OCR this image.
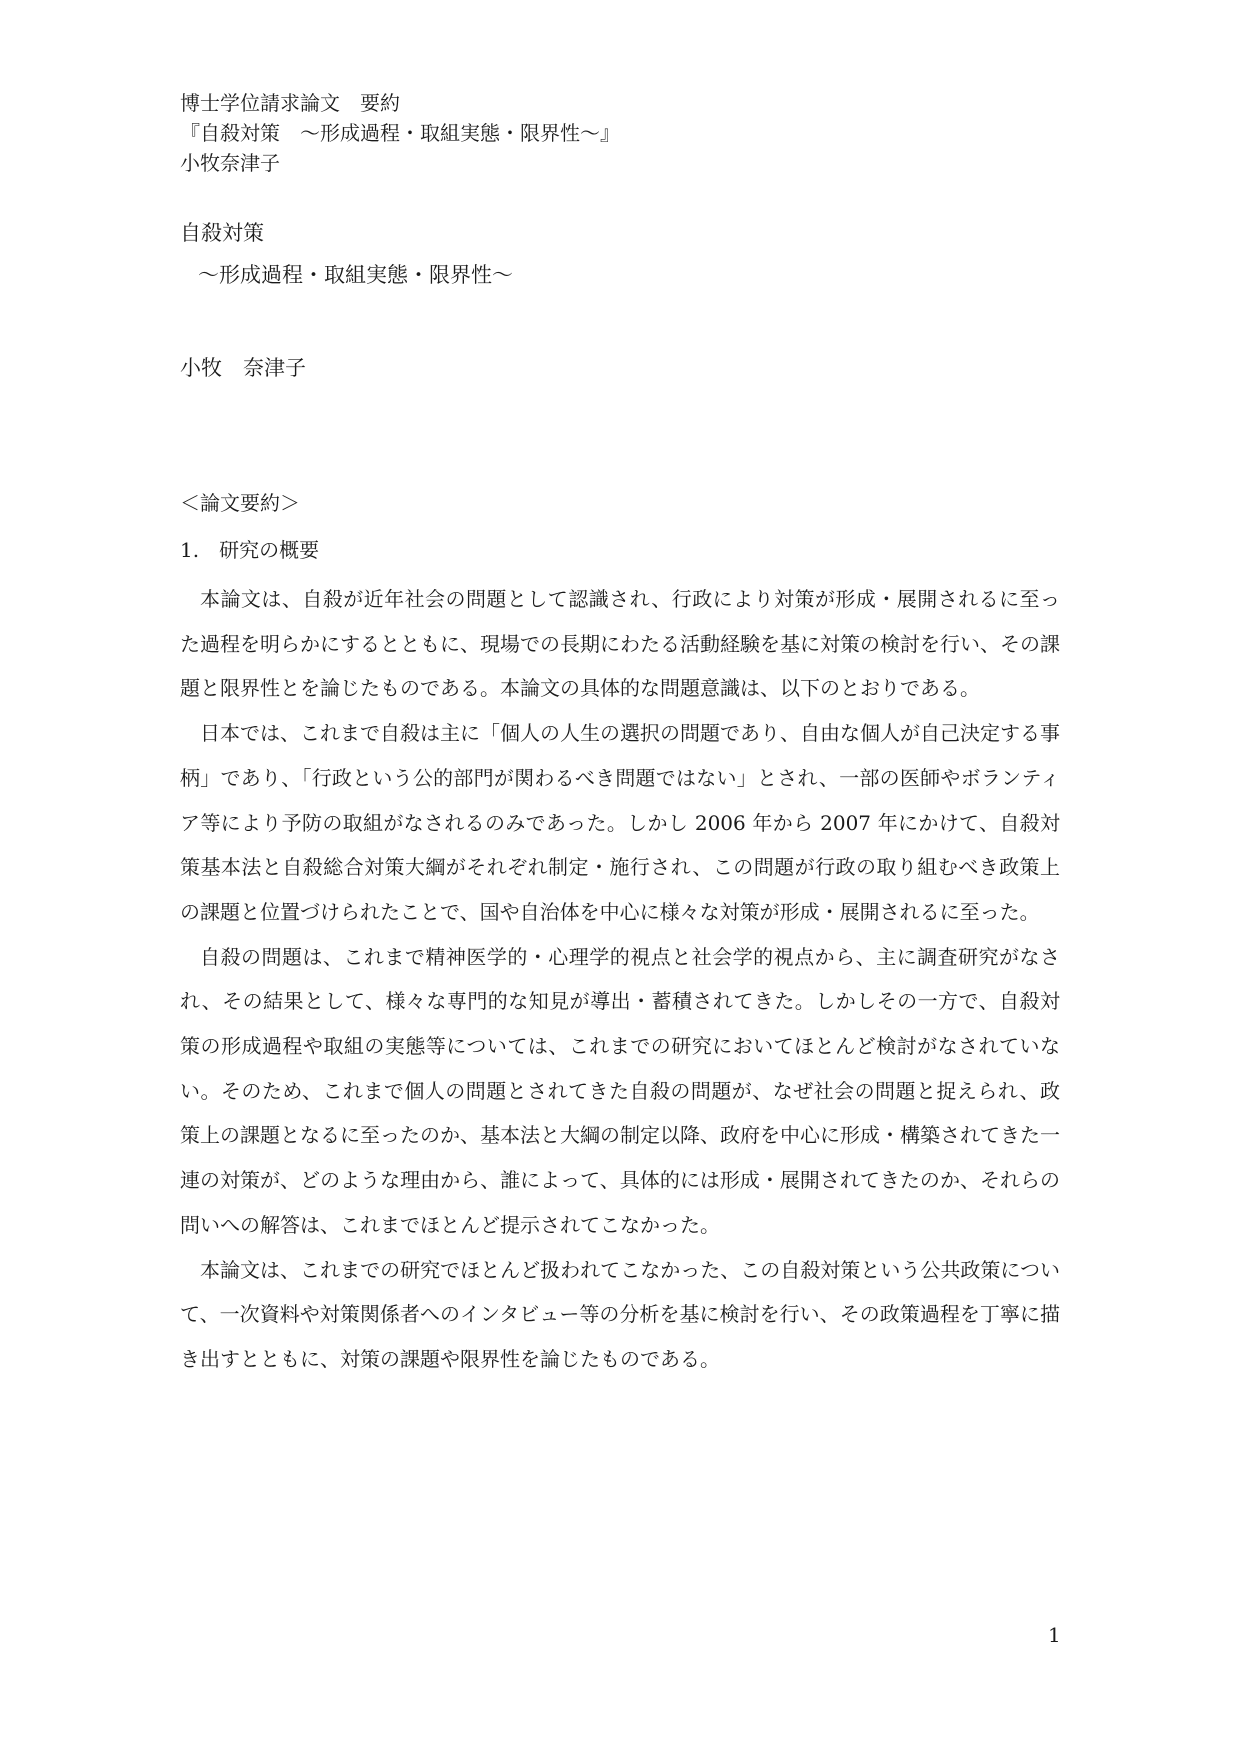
博士学位請求論文　要約
『自殺対策　～形成過程・取組実態・限界性～』
小牧奈津子
自殺対策
～形成過程・取組実態・限界性～
小牧　奈津子
＜論文要約＞
1.　研究の概要

本論文は、自殺が近年社会の問題として認識され、行政により対策が形成・展開されるに至った過程を明らかにするとともに、現場での長期にわたる活動経験を基に対策の検討を行い、その課題と限界性とを論じたものである。本論文の具体的な問題意識は、以下のとおりである。

日本では、これまで自殺は主に「個人の人生の選択の問題であり、自由な個人が自己決定する事柄」であり、「行政という公的部門が関わるべき問題ではない」とされ、一部の医師やボランティア等により予防の取組がなされるのみであった。しかし 2006 年から 2007 年にかけて、自殺対策基本法と自殺総合対策大綱がそれぞれ制定・施行され、この問題が行政の取り組むべき政策上の課題と位置づけられたことで、国や自治体を中心に様々な対策が形成・展開されるに至った。

自殺の問題は、これまで精神医学的・心理学的視点と社会学的視点から、主に調査研究がなされ、その結果として、様々な専門的な知見が導出・蓄積されてきた。しかしその一方で、自殺対策の形成過程や取組の実態等については、これまでの研究においてほとんど検討がなされていない。そのため、これまで個人の問題とされてきた自殺の問題が、なぜ社会の問題と捉えられ、政策上の課題となるに至ったのか、基本法と大綱の制定以降、政府を中心に形成・構築されてきた一連の対策が、どのような理由から、誰によって、具体的には形成・展開されてきたのか、それらの問いへの解答は、これまでほとんど提示されてこなかった。

本論文は、これまでの研究でほとんど扱われてこなかった、この自殺対策という公共政策について、一次資料や対策関係者へのインタビュー等の分析を基に検討を行い、その政策過程を丁寧に描き出すとともに、対策の課題や限界性を論じたものである。

1
